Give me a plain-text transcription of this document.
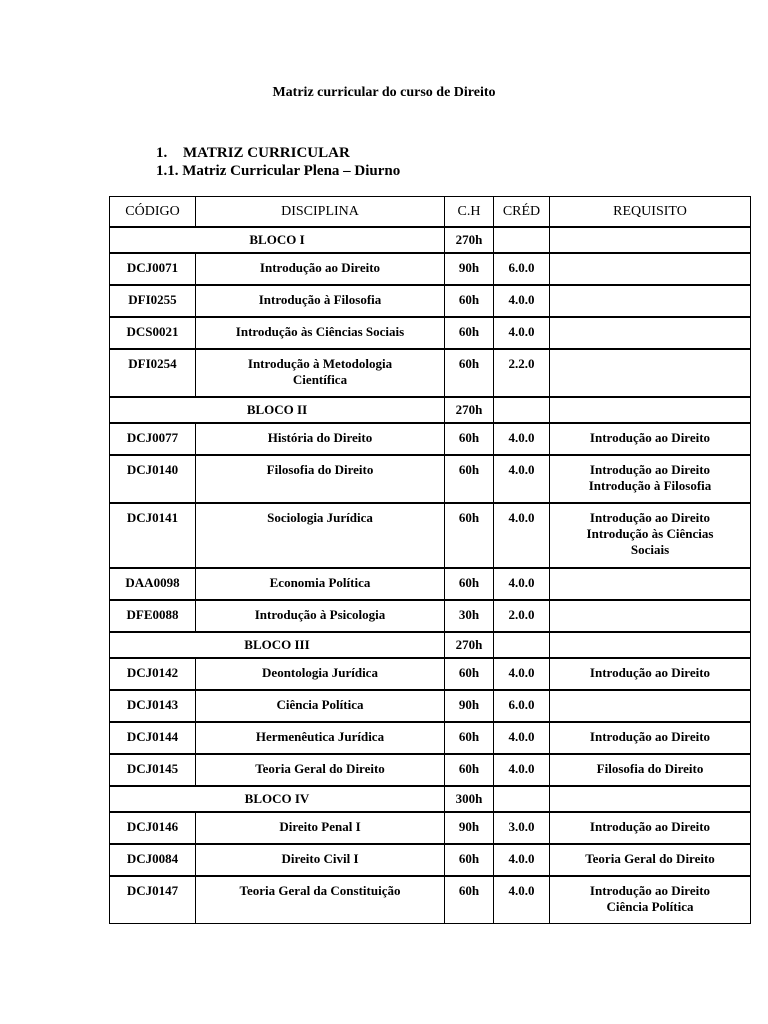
Matriz curricular do curso de Direito
1. MATRIZ CURRICULAR
1.1. Matriz Curricular Plena – Diurno
CÓDIGO	DISCIPLINA	C.H	CRÉD	REQUISITO
BLOCO I		270h		
DCJ0071	Introdução ao Direito	90h	6.0.0	
DFI0255	Introdução à Filosofia	60h	4.0.0	
DCS0021	Introdução às Ciências Sociais	60h	4.0.0	
DFI0254	Introdução à Metodologia Científica	60h	2.2.0	
BLOCO II		270h		
DCJ0077	História do Direito	60h	4.0.0	Introdução ao Direito
DCJ0140	Filosofia do Direito	60h	4.0.0	Introdução ao Direito Introdução à Filosofia
DCJ0141	Sociologia Jurídica	60h	4.0.0	Introdução ao Direito Introdução às Ciências Sociais
DAA0098	Economia Política	60h	4.0.0	
DFE0088	Introdução à Psicologia	30h	2.0.0	
BLOCO III		270h		
DCJ0142	Deontologia Jurídica	60h	4.0.0	Introdução ao Direito
DCJ0143	Ciência Política	90h	6.0.0	
DCJ0144	Hermenêutica Jurídica	60h	4.0.0	Introdução ao Direito
DCJ0145	Teoria Geral do Direito	60h	4.0.0	Filosofia do Direito
BLOCO IV		300h		
DCJ0146	Direito Penal I	90h	3.0.0	Introdução ao Direito
DCJ0084	Direito Civil I	60h	4.0.0	Teoria Geral do Direito
DCJ0147	Teoria Geral da Constituição	60h	4.0.0	Introdução ao Direito Ciência Política
